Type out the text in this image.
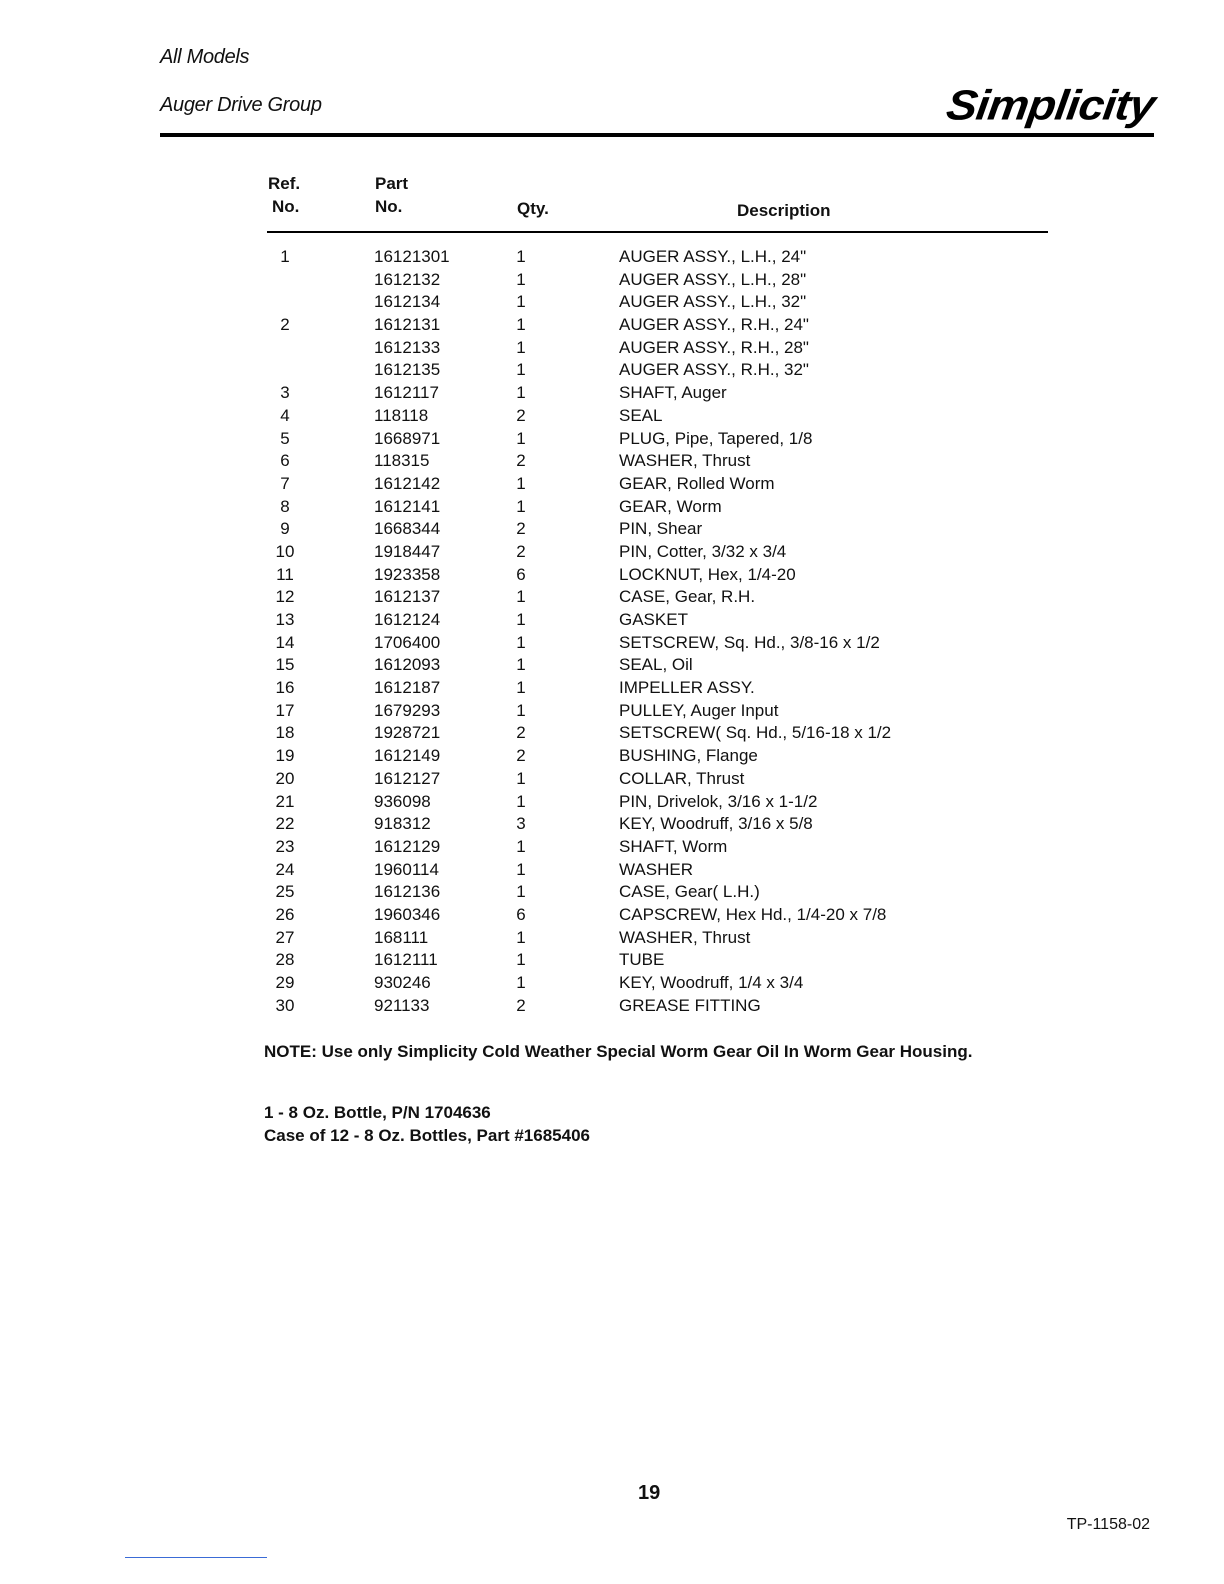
All Models
Auger Drive Group	Simplicity
Ref.
No.
Part
No.	Qty.	Description
1	16121301	1	AUGER ASSY., L.H., 24"
1612132	1	AUGER ASSY., L.H., 28"
1612134	1	AUGER ASSY., L.H., 32"
2	1612131	1	AUGER ASSY., R.H., 24"
1612133	1	AUGER ASSY., R.H., 28"
1612135	1	AUGER ASSY., R.H., 32"
3	1612117	1	SHAFT, Auger
4	118118	2	SEAL
5	1668971	1	PLUG, Pipe, Tapered, 1/8
6	118315	2	WASHER, Thrust
7	1612142	1	GEAR, Rolled Worm
8	1612141	1	GEAR, Worm
9	1668344	2	PIN, Shear
10	1918447	2	PIN, Cotter, 3/32 x 3/4
11	1923358	6	LOCKNUT, Hex, 1/4-20
12	1612137	1	CASE, Gear, R.H.
13	1612124	1	GASKET
14	1706400	1	SETSCREW, Sq. Hd., 3/8-16 x 1/2
15	1612093	1	SEAL, Oil
16	1612187	1	IMPELLER ASSY.
17	1679293	1	PULLEY, Auger Input
18	1928721	2	SETSCREW( Sq. Hd., 5/16-18 x 1/2
19	1612149	2	BUSHING, Flange
20	1612127	1	COLLAR, Thrust
21	936098	1	PIN, Drivelok, 3/16 x 1-1/2
22	918312	3	KEY, Woodruff, 3/16 x 5/8
23	1612129	1	SHAFT, Worm
24	1960114	1	WASHER
25	1612136	1	CASE, Gear( L.H.)
26	1960346	6	CAPSCREW, Hex Hd., 1/4-20 x 7/8
27	168111	1	WASHER, Thrust
28	1612111	1	TUBE
29	930246	1	KEY, Woodruff, 1/4 x 3/4
30	921133	2	GREASE FITTING
NOTE: Use only Simplicity Cold Weather Special Worm Gear Oil In Worm Gear Housing.
1 - 8 Oz. Bottle, P/N 1704636
Case of 12 - 8 Oz. Bottles, Part #1685406
19
TP-1158-02
